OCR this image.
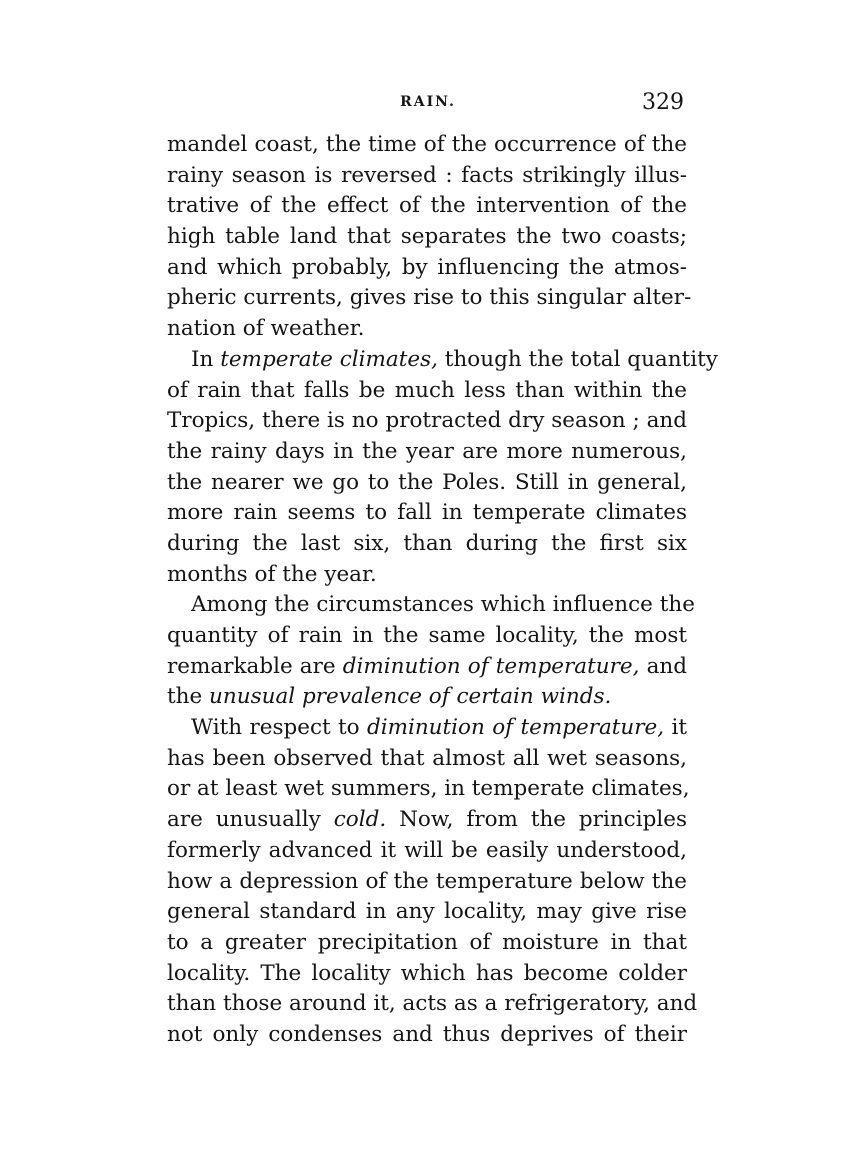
RAIN.	329
mandel coast, the time of the occurrence of the
rainy season is reversed : facts strikingly illus-
trative of the effect of the intervention of the
high table land that separates the two coasts;
and which probably, by influencing the atmos-
pheric currents, gives rise to this singular alter-
nation of weather.
In temperate climates, though the total quantity
of rain that falls be much less than within the
Tropics, there is no protracted dry season ; and
the rainy days in the year are more numerous,
the nearer we go to the Poles. Still in general,
more rain seems to fall in temperate climates
during the last six, than during the first six
months of the year.
Among the circumstances which influence the
quantity of rain in the same locality, the most
remarkable are diminution of temperature, and
the unusual prevalence of certain winds.
With respect to diminution of temperature, it
has been observed that almost all wet seasons,
or at least wet summers, in temperate climates,
are unusually cold. Now, from the principles
formerly advanced it will be easily understood,
how a depression of the temperature below the
general standard in any locality, may give rise
to a greater precipitation of moisture in that
locality. The locality which has become colder
than those around it, acts as a refrigeratory, and
not only condenses and thus deprives of their
